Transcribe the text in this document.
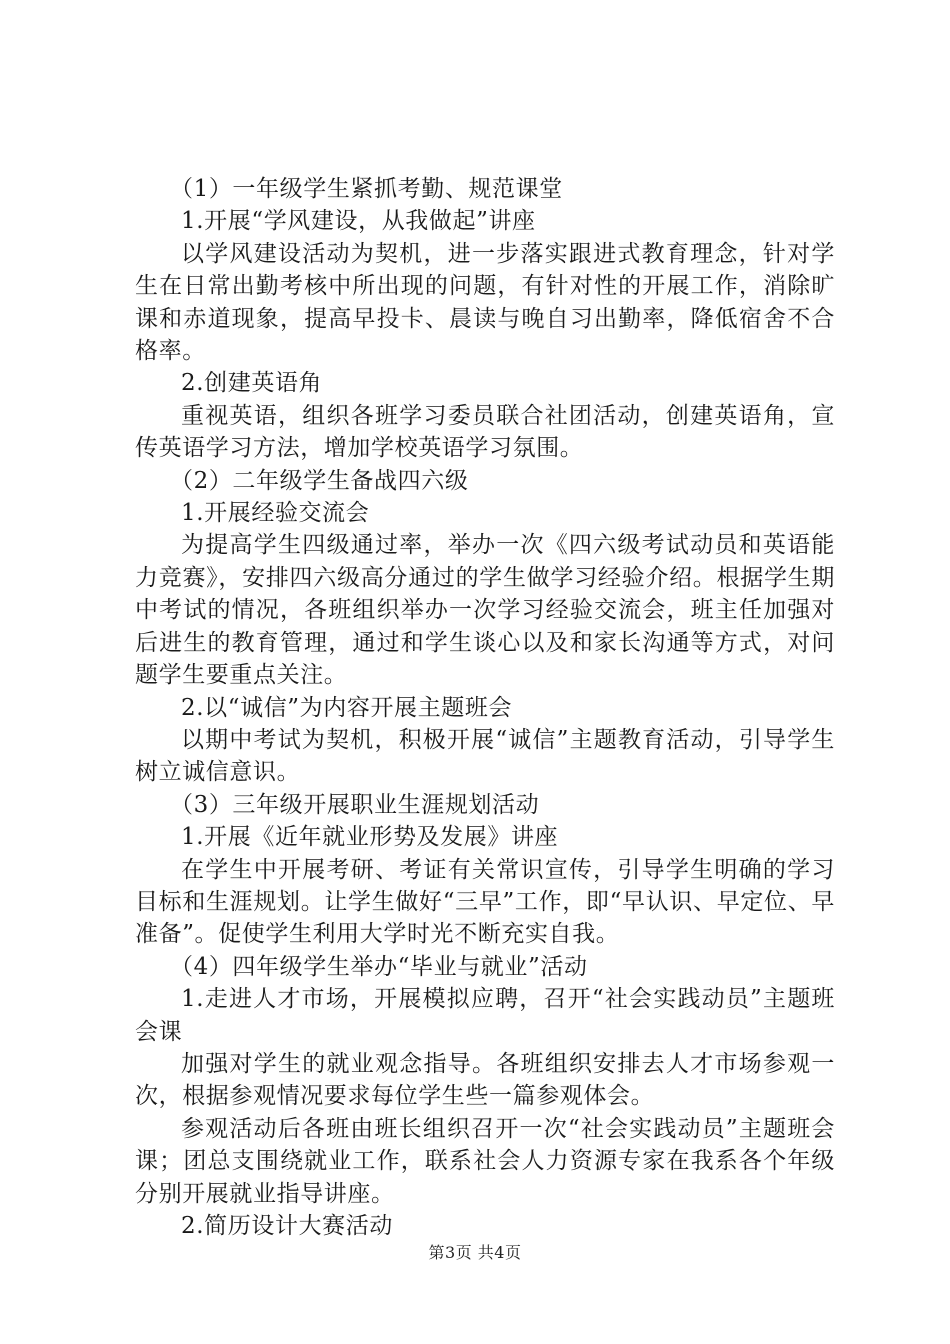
（1）一年级学生紧抓考勤、规范课堂

1.开展“学风建设，从我做起”讲座

以学风建设活动为契机，进一步落实跟进式教育理念，针对学生在日常出勤考核中所出现的问题，有针对性的开展工作，消除旷课和赤道现象，提高早投卡、晨读与晚自习出勤率，降低宿舍不合格率。

2.创建英语角

重视英语，组织各班学习委员联合社团活动，创建英语角，宣传英语学习方法，增加学校英语学习氛围。

（2）二年级学生备战四六级

1.开展经验交流会

为提高学生四级通过率，举办一次《四六级考试动员和英语能力竞赛》，安排四六级高分通过的学生做学习经验介绍。根据学生期中考试的情况，各班组织举办一次学习经验交流会，班主任加强对后进生的教育管理，通过和学生谈心以及和家长沟通等方式，对问题学生要重点关注。

2.以“诚信”为内容开展主题班会

以期中考试为契机，积极开展“诚信”主题教育活动，引导学生树立诚信意识。

（3）三年级开展职业生涯规划活动

1.开展《近年就业形势及发展》讲座

在学生中开展考研、考证有关常识宣传，引导学生明确的学习目标和生涯规划。让学生做好“三早”工作，即“早认识、早定位、早准备”。促使学生利用大学时光不断充实自我。

（4）四年级学生举办“毕业与就业”活动

1.走进人才市场，开展模拟应聘，召开“社会实践动员”主题班会课

加强对学生的就业观念指导。各班组织安排去人才市场参观一次，根据参观情况要求每位学生些一篇参观体会。

参观活动后各班由班长组织召开一次“社会实践动员”主题班会课；团总支围绕就业工作，联系社会人力资源专家在我系各个年级分别开展就业指导讲座。

2.简历设计大赛活动

第3页 共4页
